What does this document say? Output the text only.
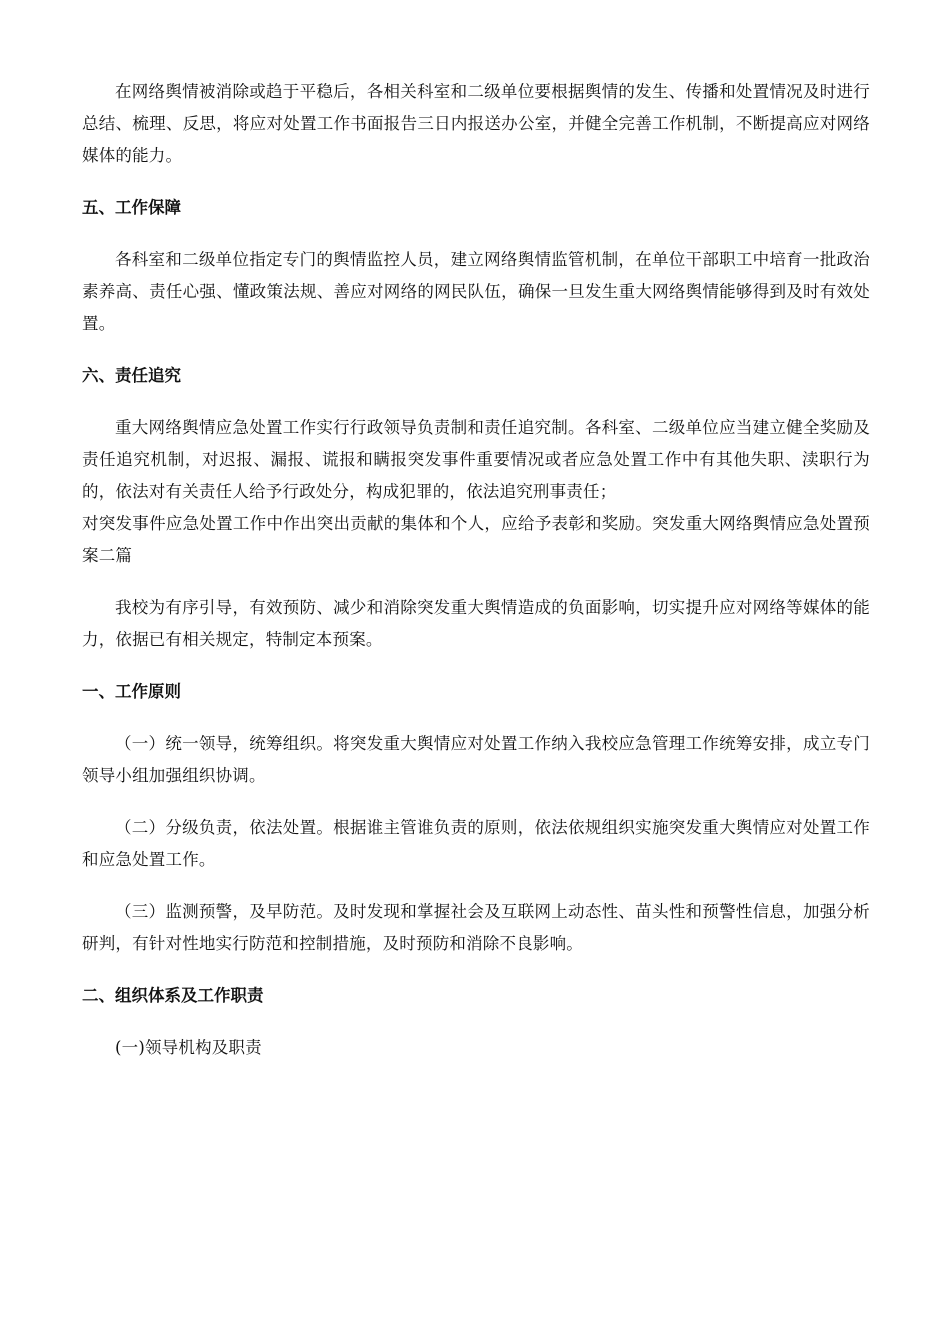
在网络舆情被消除或趋于平稳后，各相关科室和二级单位要根据舆情的发生、传播和处置情况及时进行总结、梳理、反思，将应对处置工作书面报告三日内报送办公室，并健全完善工作机制，不断提高应对网络媒体的能力。

五、工作保障

各科室和二级单位指定专门的舆情监控人员，建立网络舆情监管机制，在单位干部职工中培育一批政治素养高、责任心强、懂政策法规、善应对网络的网民队伍，确保一旦发生重大网络舆情能够得到及时有效处置。

六、责任追究

重大网络舆情应急处置工作实行行政领导负责制和责任追究制。各科室、二级单位应当建立健全奖励及责任追究机制，对迟报、漏报、谎报和瞒报突发事件重要情况或者应急处置工作中有其他失职、渎职行为的，依法对有关责任人给予行政处分，构成犯罪的，依法追究刑事责任；

对突发事件应急处置工作中作出突出贡献的集体和个人，应给予表彰和奖励。突发重大网络舆情应急处置预案二篇

我校为有序引导，有效预防、减少和消除突发重大舆情造成的负面影响，切实提升应对网络等媒体的能力，依据已有相关规定，特制定本预案。

一、工作原则

（一）统一领导，统筹组织。将突发重大舆情应对处置工作纳入我校应急管理工作统筹安排，成立专门领导小组加强组织协调。

（二）分级负责，依法处置。根据谁主管谁负责的原则，依法依规组织实施突发重大舆情应对处置工作和应急处置工作。

（三）监测预警，及早防范。及时发现和掌握社会及互联网上动态性、苗头性和预警性信息，加强分析研判，有针对性地实行防范和控制措施，及时预防和消除不良影响。

二、组织体系及工作职责

(一)领导机构及职责
